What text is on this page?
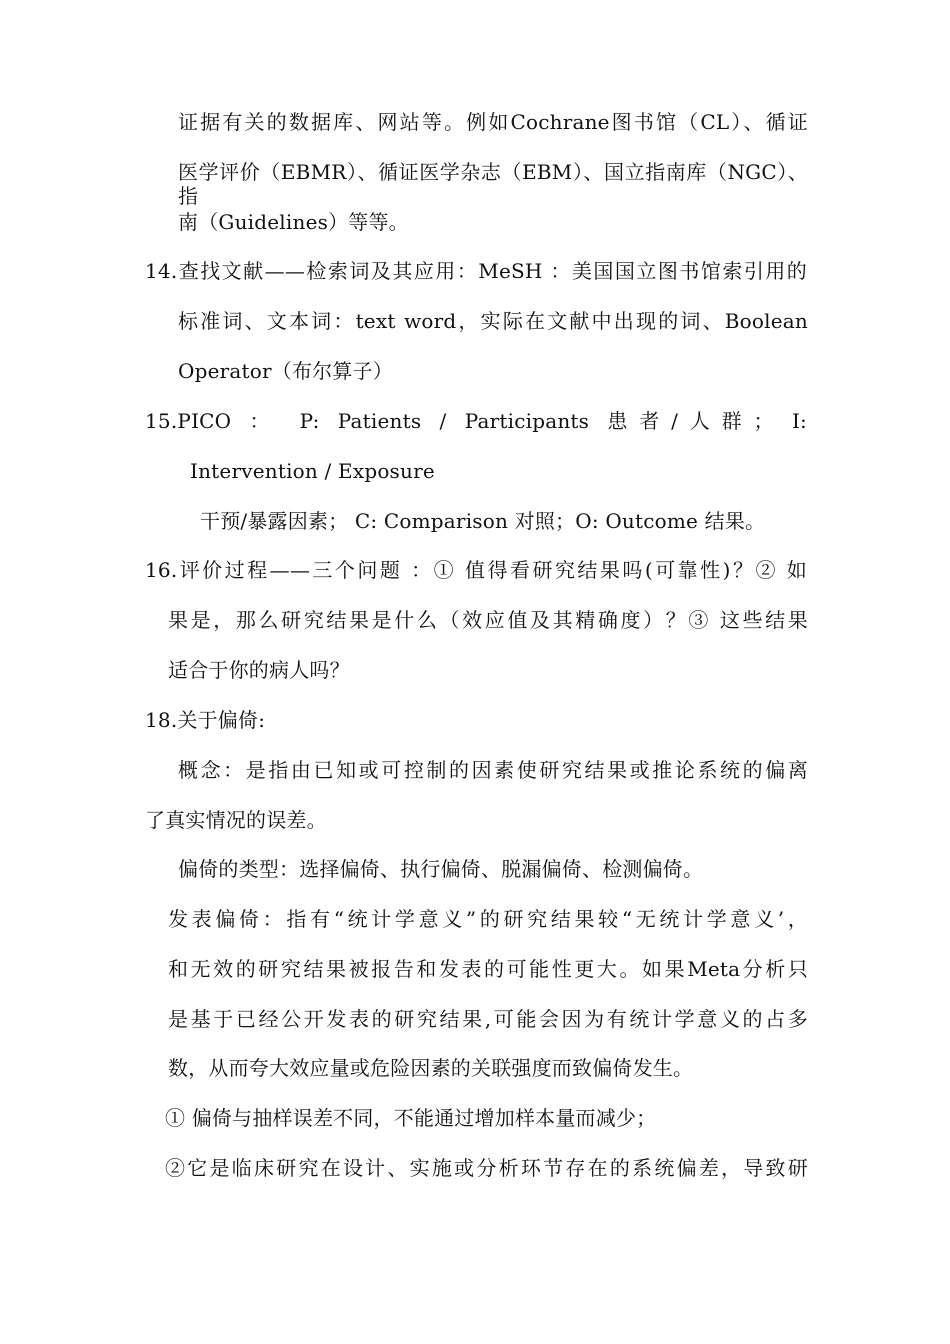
证据有关的数据库、网站等。例如Cochrane图书馆（CL）、循证

医学评价（EBMR）、循证医学杂志（EBM）、国立指南库（NGC）、指

南（Guidelines）等等。

14.查找文献——检索词及其应用：MeSH ：美国国立图书馆索引用的

标准词、文本词：text word，实际在文献中出现的词、Boolean

Operator（布尔算子）

15.PICO ： P: Patients / Participants 患者/人群； I:

Intervention / Exposure

干预/暴露因素； C: Comparison 对照；O: Outcome 结果。

16.评价过程——三个问题 ：① 值得看研究结果吗(可靠性)？② 如

果是，那么研究结果是什么（效应值及其精确度）？③ 这些结果

适合于你的病人吗？

18.关于偏倚:

概念：是指由已知或可控制的因素使研究结果或推论系统的偏离

了真实情况的误差。

偏倚的类型：选择偏倚、执行偏倚、脱漏偏倚、检测偏倚。

发表偏倚：指有“统计学意义”的研究结果较“无统计学意义’，

和无效的研究结果被报告和发表的可能性更大。如果Meta分析只

是基于已经公开发表的研究结果,可能会因为有统计学意义的占多

数，从而夸大效应量或危险因素的关联强度而致偏倚发生。

① 偏倚与抽样误差不同，不能通过增加样本量而减少；

②它是临床研究在设计、实施或分析环节存在的系统偏差，导致研
